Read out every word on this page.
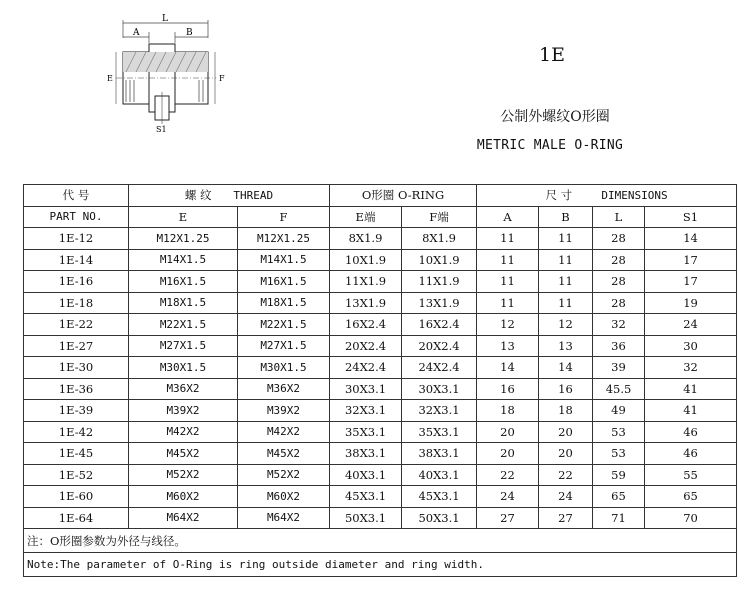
L
A	B
S1
E	F
1E
公制外螺纹O形圈
METRIC MALE O-RING
代 号	螺 纹 THREAD		O形圈 O-RING		尺 寸 DIMENSIONS			
PART NO.	E	F	E端	F端	A	B	L	S1
1E-12	M12X1.25	M12X1.25	8X1.9	8X1.9	11	11	28	14
1E-14	M14X1.5	M14X1.5	10X1.9	10X1.9	11	11	28	17
1E-16	M16X1.5	M16X1.5	11X1.9	11X1.9	11	11	28	17
1E-18	M18X1.5	M18X1.5	13X1.9	13X1.9	11	11	28	19
1E-22	M22X1.5	M22X1.5	16X2.4	16X2.4	12	12	32	24
1E-27	M27X1.5	M27X1.5	20X2.4	20X2.4	13	13	36	30
1E-30	M30X1.5	M30X1.5	24X2.4	24X2.4	14	14	39	32
1E-36	M36X2	M36X2	30X3.1	30X3.1	16	16	45.5	41
1E-39	M39X2	M39X2	32X3.1	32X3.1	18	18	49	41
1E-42	M42X2	M42X2	35X3.1	35X3.1	20	20	53	46
1E-45	M45X2	M45X2	38X3.1	38X3.1	20	20	53	46
1E-52	M52X2	M52X2	40X3.1	40X3.1	22	22	59	55
1E-60	M60X2	M60X2	45X3.1	45X3.1	24	24	65	65
1E-64	M64X2	M64X2	50X3.1	50X3.1	27	27	71	70
注：O形圈参数为外径与线径。								
Note:The parameter of O-Ring is ring outside diameter and ring width.								
